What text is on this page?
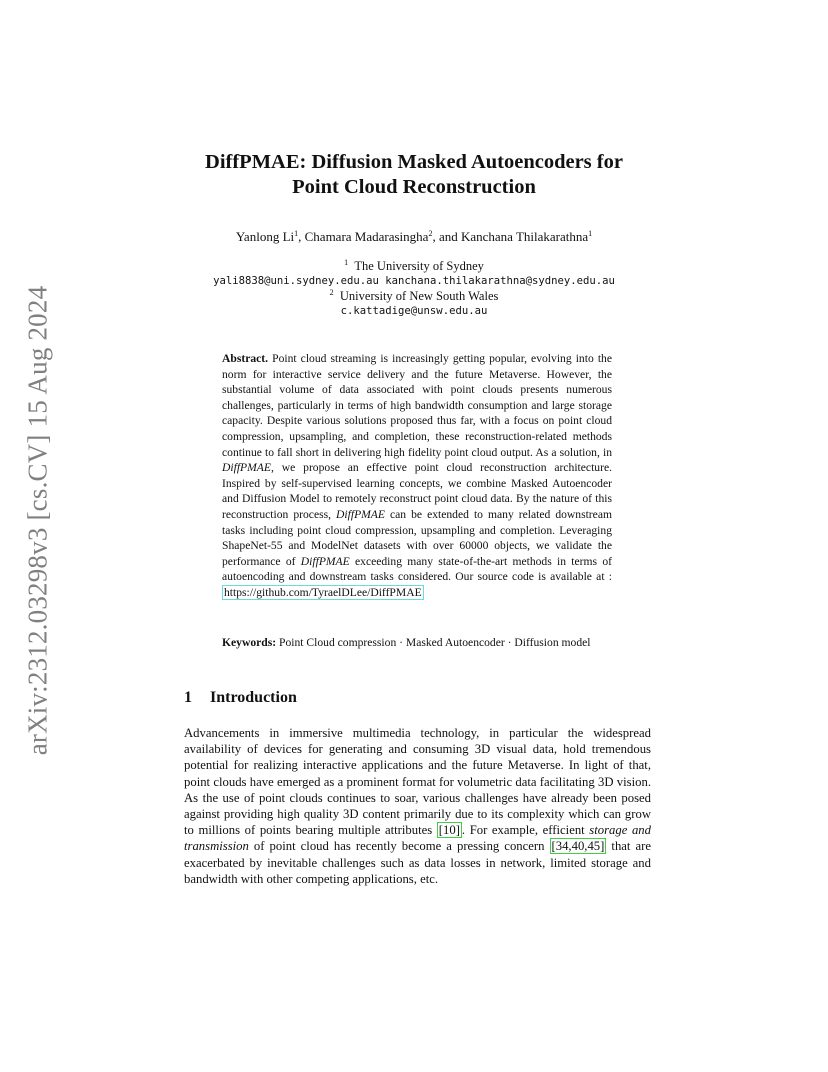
arXiv:2312.03298v3 [cs.CV] 15 Aug 2024
DiffPMAE: Diffusion Masked Autoencoders for
Point Cloud Reconstruction
Yanlong Li$^1$, Chamara Madarasingha$^2$, and Kanchana Thilakarathna$^1$
$^1$ The University of Sydney
yali8838@uni.sydney.edu.au kanchana.thilakarathna@sydney.edu.au
$^2$ University of New South Wales
c.kattadige@unsw.edu.au
Abstract. Point cloud streaming is increasingly getting popular, evolving into the norm for interactive service delivery and the future Metaverse. However, the substantial volume of data associated with point clouds presents numerous challenges, particularly in terms of high bandwidth consumption and large storage capacity. Despite various solutions proposed thus far, with a focus on point cloud compression, upsampling, and completion, these reconstruction-related methods continue to fall short in delivering high fidelity point cloud output. As a solution, in DiffPMAE, we propose an effective point cloud reconstruction architecture. Inspired by self-supervised learning concepts, we combine Masked Autoencoder and Diffusion Model to remotely reconstruct point cloud data. By the nature of this reconstruction process, DiffPMAE can be extended to many related downstream tasks including point cloud compression, upsampling and completion. Leveraging ShapeNet-55 and ModelNet datasets with over 60000 objects, we validate the performance of DiffPMAE exceeding many state-of-the-art methods in terms of autoencoding and downstream tasks considered. Our source code is available at : https://github.com/TyraelDLee/DiffPMAE
Keywords: Point Cloud compression · Masked Autoencoder · Diffusion model
1 Introduction
Advancements in immersive multimedia technology, in particular the widespread availability of devices for generating and consuming 3D visual data, hold tremendous potential for realizing interactive applications and the future Metaverse. In light of that, point clouds have emerged as a prominent format for volumetric data facilitating 3D vision. As the use of point clouds continues to soar, various challenges have already been posed against providing high quality 3D content primarily due to its complexity which can grow to millions of points bearing multiple attributes [10] . For example, efficient storage and transmission of point cloud has recently become a pressing concern [34,40,45] that are exacerbated by inevitable challenges such as data losses in network, limited storage and bandwidth with other competing applications, etc.
